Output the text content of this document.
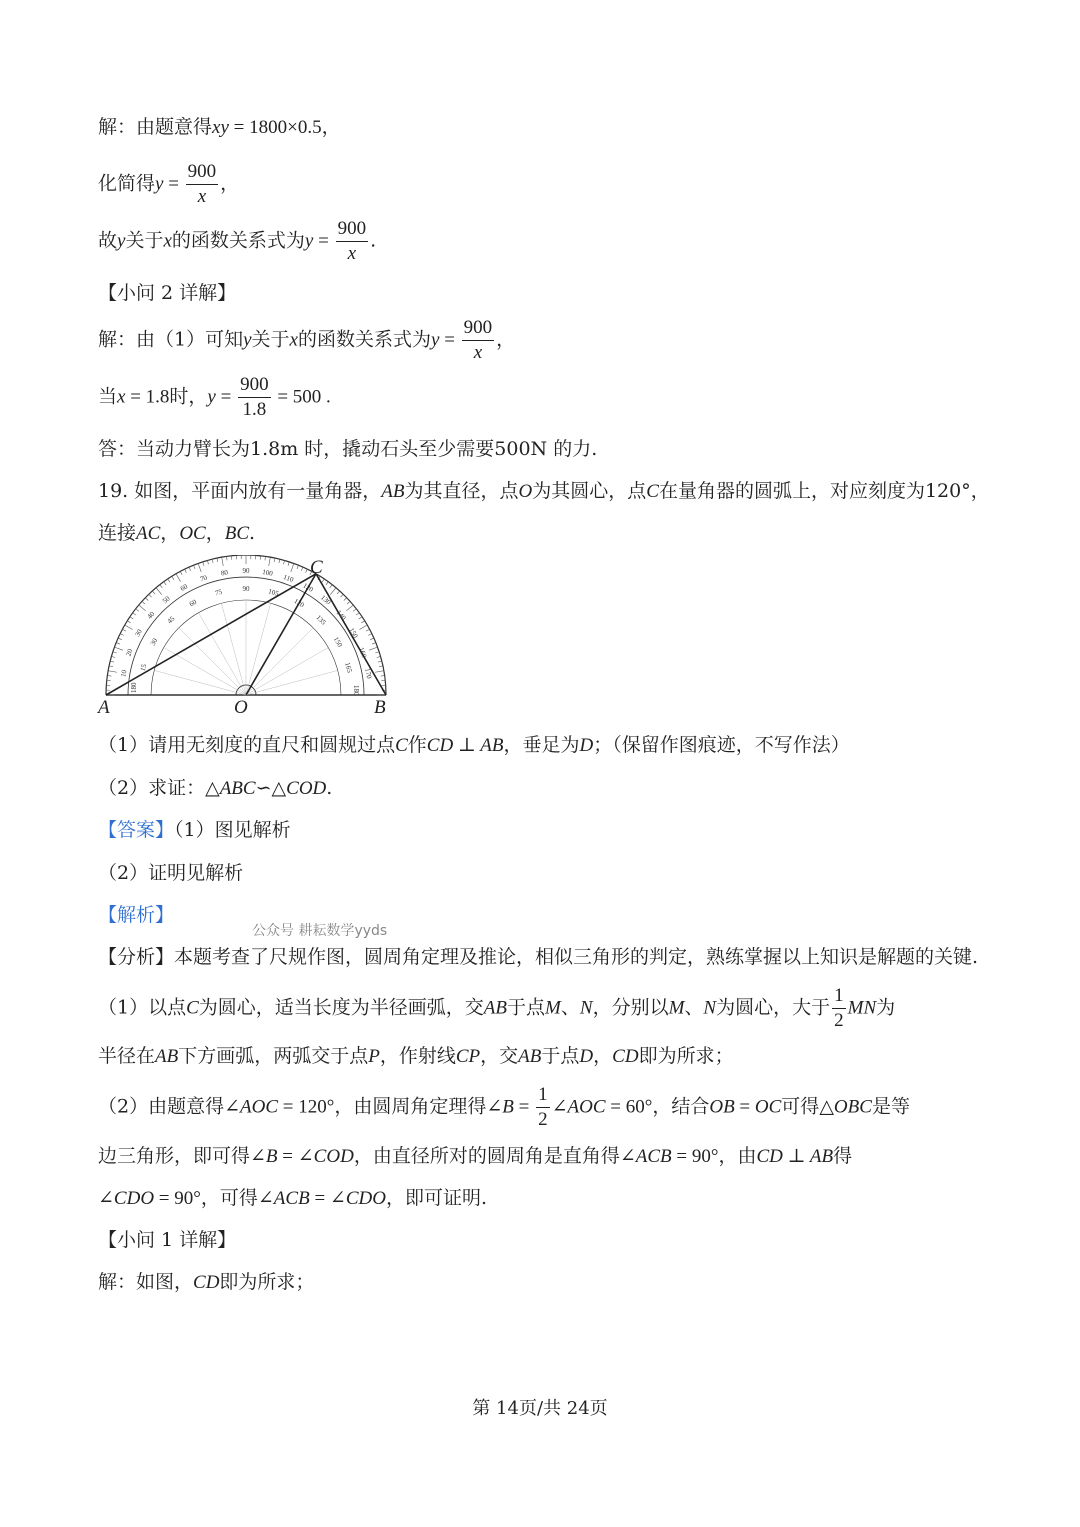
解：由题意得xy = 1800×0.5，
化简得$y = \frac{900}{x}$ ，
故y关于x的函数关系式为$y = \frac{900}{x}$ .
【小问 2 详解】
解：由（1）可知y关于x的函数关系式为$y = \frac{900}{x}$ ，
当x = 1.8时，$y = \frac{900}{1.8} = 500$ .
答：当动力臂长为1.8m 时，撬动石头至少需要500N 的力.
19. 如图，平面内放有一量角器，AB为其直径，点O为其圆心，点C在量角器的圆弧上，对应刻度为120°，
连接AC，OC，BC.
10
20
30
40
50
60
70
80 90 100
110
120
130
140
150
160
170
165
150
135
120
105
90
75
60
45
30
15
A	O	B
C
180	180
（1）请用无刻度的直尺和圆规过点C作CD ⊥ AB，垂足为D；（保留作图痕迹，不写作法）
（2）求证：△ABC∽△COD.
【答案】（1）图见解析
（2）证明见解析
【解析】
公众号 耕耘数学yyds
【分析】本题考查了尺规作图，圆周角定理及推论，相似三角形的判定，熟练掌握以上知识是解题的关键.
（1）以点C为圆心，适当长度为半径画弧，交AB于点M、N，分别以M、N为圆心，大于 $\frac{1}{2}$ MN为
半径在AB下方画弧，两弧交于点P，作射线CP，交AB于点D，CD即为所求；
（2）由题意得∠AOC = 120°，由圆周角定理得∠B = $\frac{1}{2}$ ∠AOC = 60°，结合OB = OC可得△OBC是等
边三角形，即可得∠B = ∠COD，由直径所对的圆周角是直角得∠ACB = 90°，由CD ⊥ AB得
∠CDO = 90°，可得∠ACB = ∠CDO，即可证明.
【小问 1 详解】
解：如图，CD即为所求；
第 14页/共 24页
